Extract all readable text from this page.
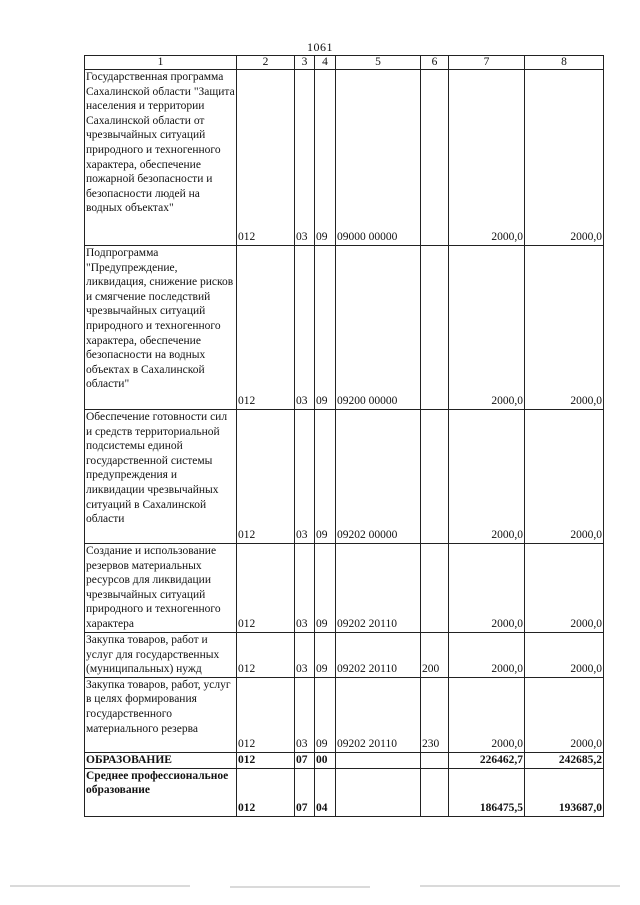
1061
1	2	3	4	5	6	7	8
Государственная программа Сахалинской области "Защита населения и территории Сахалинской области от чрезвычайных ситуаций природного и техногенного характера, обеспечение пожарной безопасности и безопасности людей на водных объектах"	012	03	09	09000 00000		2000,0	2000,0
Подпрограмма "Предупреждение, ликвидация, снижение рисков и смягчение последствий чрезвычайных ситуаций природного и техногенного характера, обеспечение безопасности на водных объектах в Сахалинской области"	012	03	09	09200 00000		2000,0	2000,0
Обеспечение готовности сил и средств территориальной подсистемы единой государственной системы предупреждения и ликвидации чрезвычайных ситуаций в Сахалинской области	012	03	09	09202 00000		2000,0	2000,0
Создание и использование резервов материальных ресурсов для ликвидации чрезвычайных ситуаций природного и техногенного характера	012	03	09	09202 20110		2000,0	2000,0
Закупка товаров, работ и услуг для государственных (муниципальных) нужд	012	03	09	09202 20110	200	2000,0	2000,0
Закупка товаров, работ, услуг в целях формирования государственного материального резерва	012	03	09	09202 20110	230	2000,0	2000,0
ОБРАЗОВАНИЕ	012	07	00			226462,7	242685,2
Среднее профессиональное образование	012	07	04			186475,5	193687,0
